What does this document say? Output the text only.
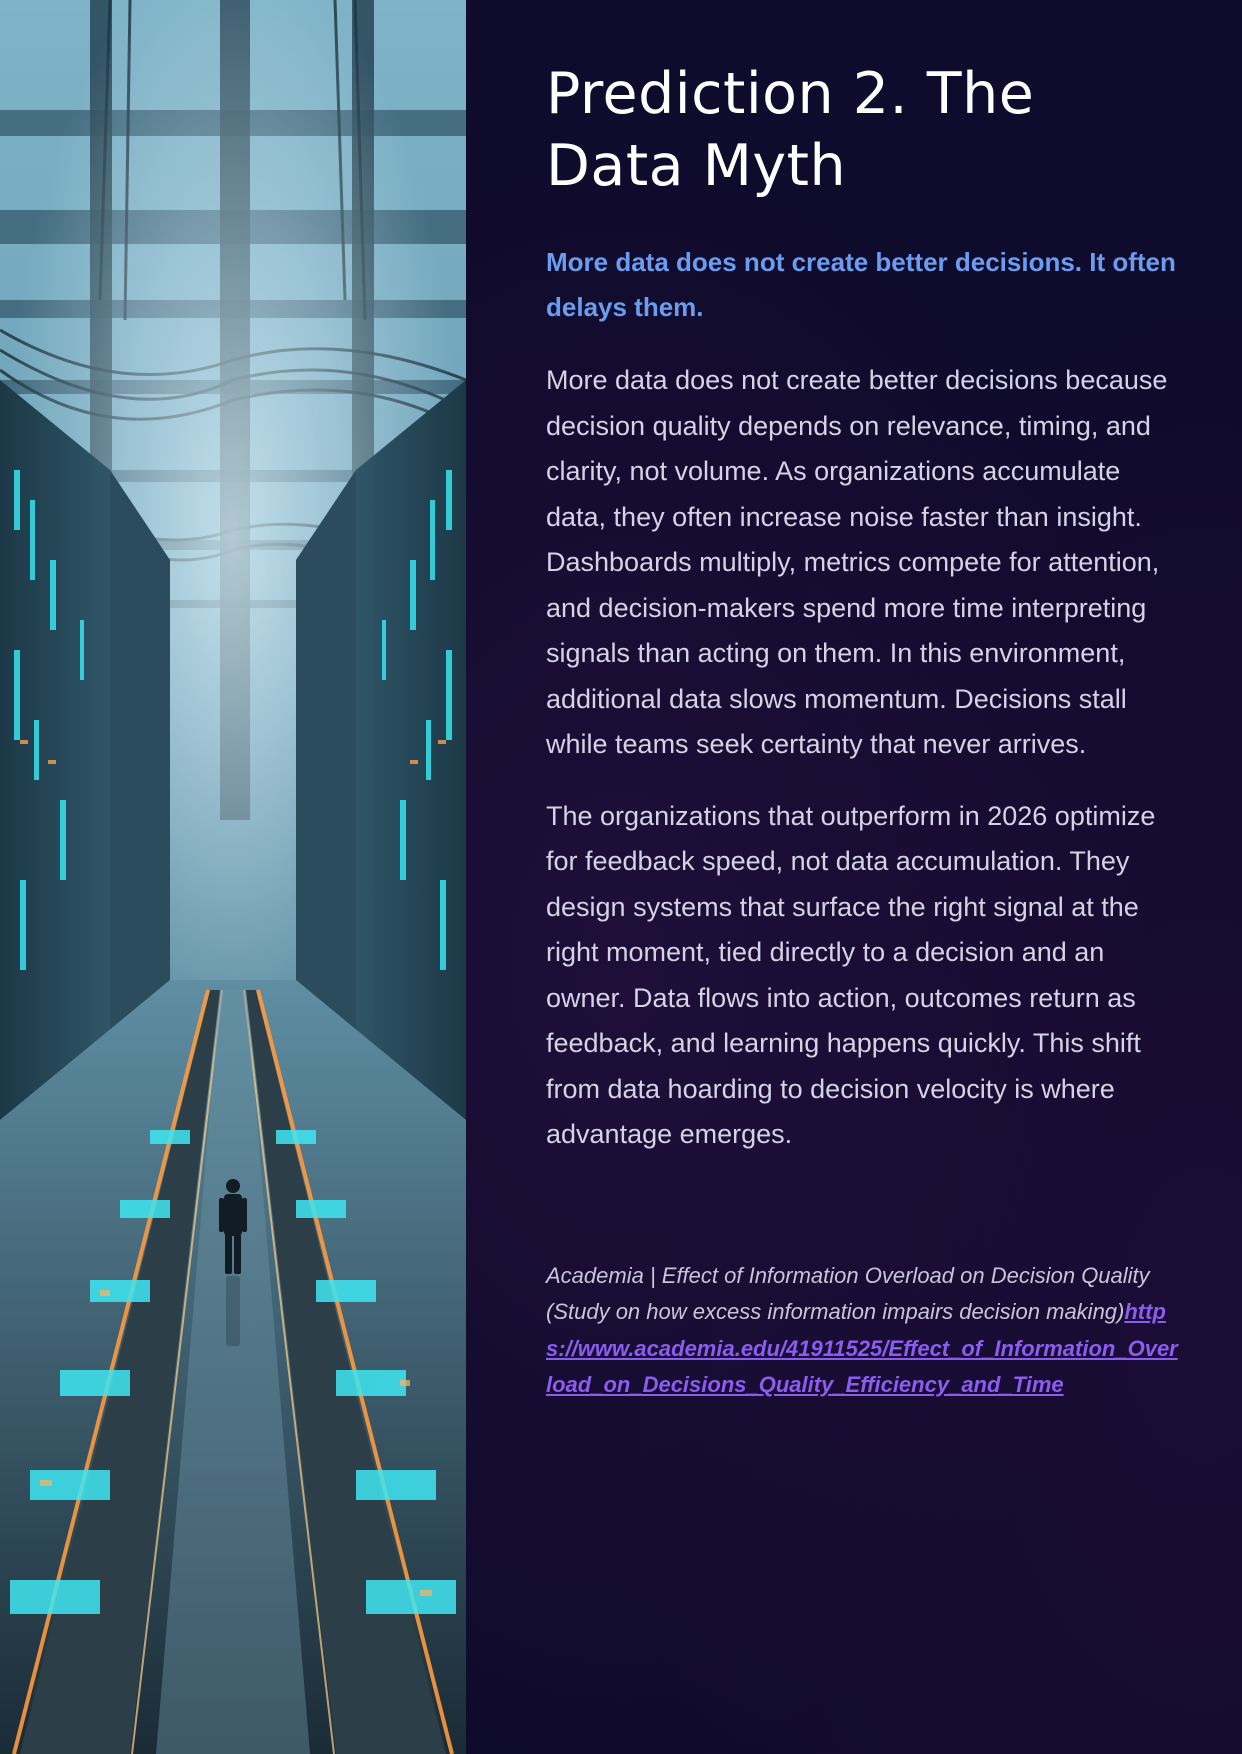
Prediction 2. The Data Myth

More data does not create better decisions. It often delays them.

More data does not create better decisions because decision quality depends on relevance, timing, and clarity, not volume. As organizations accumulate data, they often increase noise faster than insight. Dashboards multiply, metrics compete for attention, and decision-makers spend more time interpreting signals than acting on them. In this environment, additional data slows momentum. Decisions stall while teams seek certainty that never arrives.

The organizations that outperform in 2026 optimize for feedback speed, not data accumulation. They design systems that surface the right signal at the right moment, tied directly to a decision and an owner. Data flows into action, outcomes return as feedback, and learning happens quickly. This shift from data hoarding to decision velocity is where advantage emerges.

Academia | Effect of Information Overload on Decision Quality
(Study on how excess information impairs decision making)https://www.academia.edu/41911525/Effect_of_Information_Overload_on_Decisions_Quality_Efficiency_and_Time
